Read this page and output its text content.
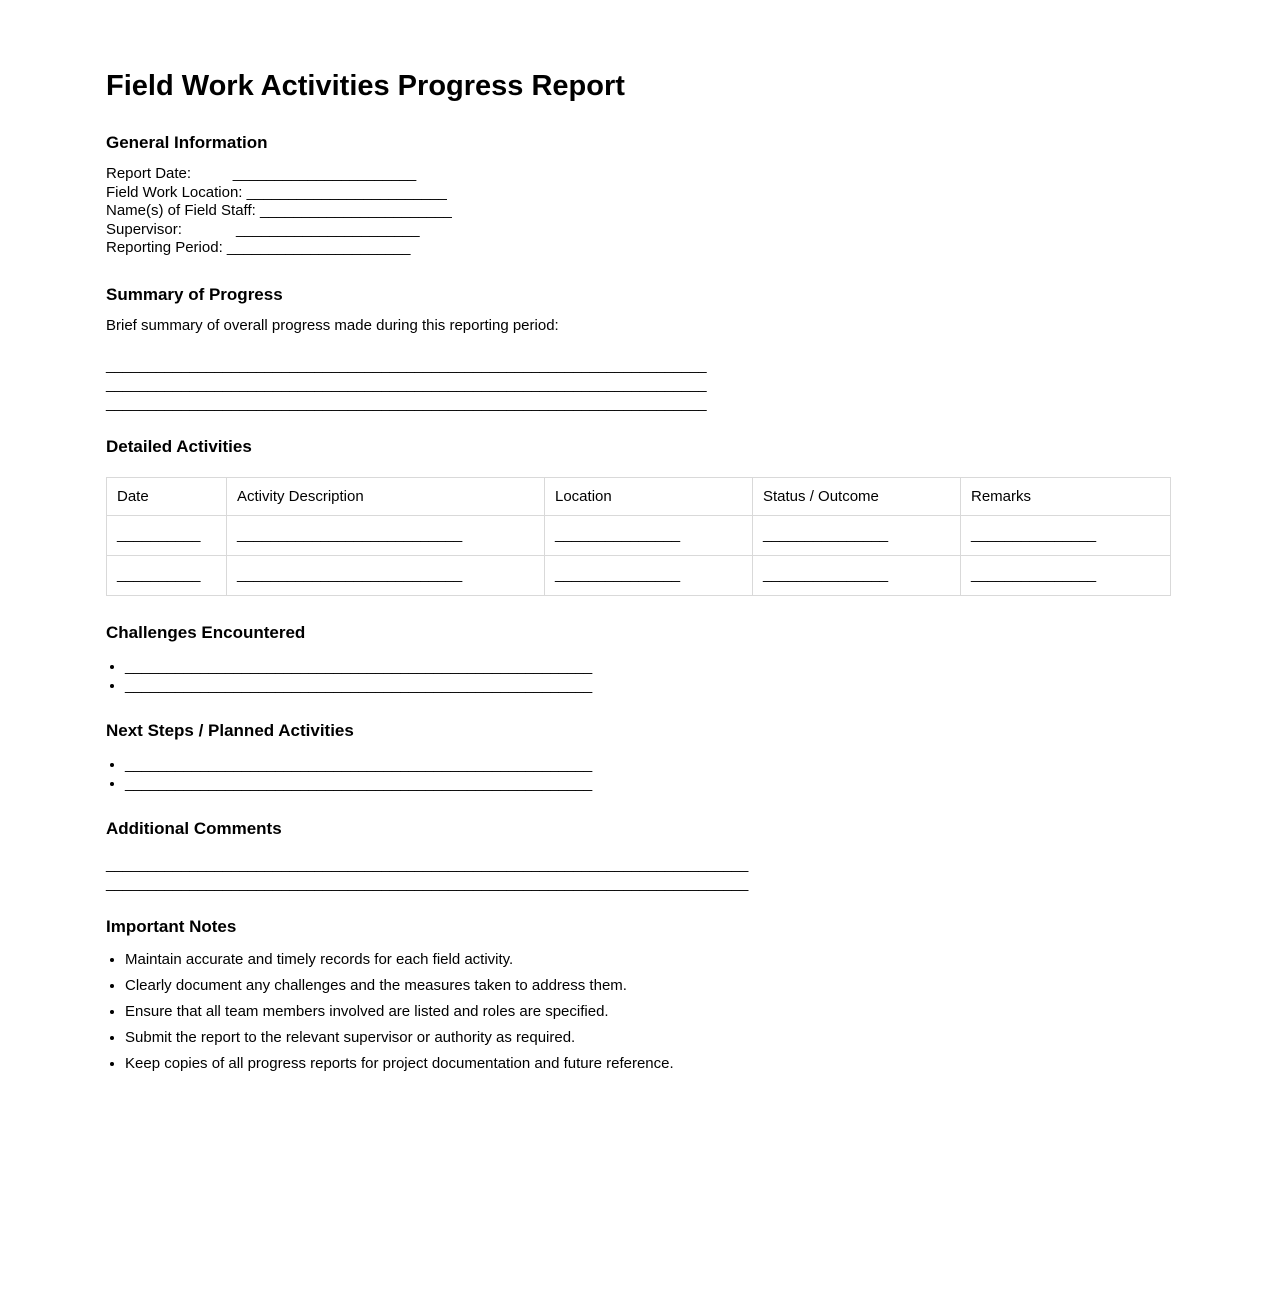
Field Work Activities Progress Report
General Information
Report Date:          ______________________
Field Work Location: ________________________
Name(s) of Field Staff: _______________________
Supervisor:             ______________________
Reporting Period: ______________________
Summary of Progress

Brief summary of overall progress made during this reporting period:

________________________________________________________________________
________________________________________________________________________
________________________________________________________________________
Detailed Activities
Date	Activity Description	Location	Status / Outcome	Remarks
__________	___________________________	_______________	_______________	_______________
__________	___________________________	_______________	_______________	_______________
Challenges Encountered
• ________________________________________________________
• ________________________________________________________
Next Steps / Planned Activities
• ________________________________________________________
• ________________________________________________________
Additional Comments
_____________________________________________________________________________
_____________________________________________________________________________
Important Notes
• Maintain accurate and timely records for each field activity.
• Clearly document any challenges and the measures taken to address them.
• Ensure that all team members involved are listed and roles are specified.
• Submit the report to the relevant supervisor or authority as required.
• Keep copies of all progress reports for project documentation and future reference.
